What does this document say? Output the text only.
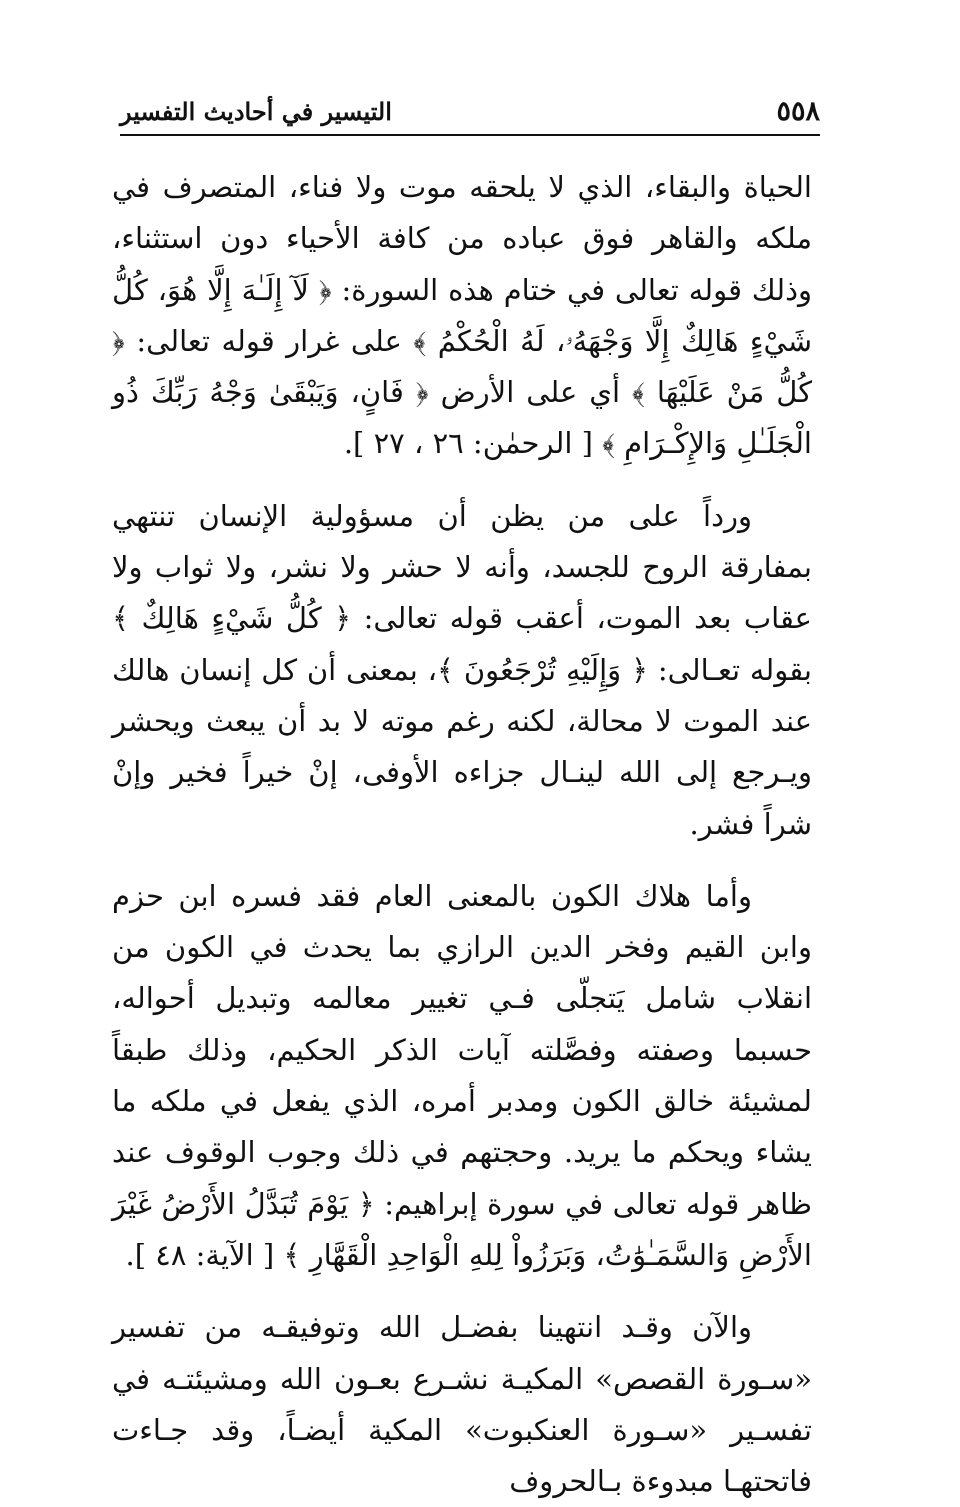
٥٥٨
التيسير في أحاديث التفسير

الحياة والبقاء، الذي لا يلحقه موت ولا فناء، المتصرف في ملكه والقاهر فوق عباده من كافة الأحياء دون استثناء، وذلك قوله تعالى في ختام هذه السورة: ﴿ لَآ إِلَـٰهَ إِلَّا هُوَ، كُلُّ شَيْءٍ هَالِكٌ إِلَّا وَجْهَهُۥ، لَهُ الْحُكْمُ ﴾ على غرار قوله تعالى: ﴿ كُلُّ مَنْ عَلَيْهَا ﴾ أي على الأرض ﴿ فَانٍ، وَيَبْقَىٰ وَجْهُ رَبِّكَ ذُو الْجَلَـٰلِ وَالإِكْـرَامِ ﴾ [ الرحمٰن: ٢٦ ، ٢٧ ].

ورداً على من يظن أن مسؤولية الإنسان تنتهي بمفارقة الروح للجسد، وأنه لا حشر ولا نشر، ولا ثواب ولا عقاب بعد الموت، أعقب قوله تعالى: ﴿ كُلُّ شَيْءٍ هَالِكٌ ﴾ بقوله تعـالى: ﴿ وَإِلَيْهِ تُرْجَعُونَ ﴾، بمعنى أن كل إنسان هالك عند الموت لا محالة، لكنه رغم موته لا بد أن يبعث ويحشر ويـرجع إلى الله لينـال جزاءه الأوفى، إنْ خيراً فخير وإنْ شراً فشر.

وأما هلاك الكون بالمعنى العام فقد فسره ابن حزم وابن القيم وفخر الدين الرازي بما يحدث في الكون من انقلاب شامل يَتجلّى فـي تغيير معالمه وتبديل أحواله، حسبما وصفته وفصَّلته آيات الذكر الحكيم، وذلك طبقاً لمشيئة خالق الكون ومدبر أمره، الذي يفعل في ملكه ما يشاء ويحكم ما يريد. وحجتهم في ذلك وجوب الوقوف عند ظاهر قوله تعالى في سورة إبراهيم: ﴿ يَوْمَ تُبَدَّلُ الأَرْضُ غَيْرَ الأَرْضِ وَالسَّمَـٰوَٰتُ، وَبَرَزُواْ لِلهِ الْوَاحِدِ الْقَهَّارِ ﴾ [ الآية: ٤٨ ].

والآن وقـد انتهينا بفضـل الله وتوفيقـه من تفسير «سـورة القصص» المكيـة نشـرع بعـون الله ومشيئتـه في تفسـير «سـورة العنكبوت» المكية أيضـاً، وقد جـاءت فاتحتهـا مبدوءة بـالحروف
